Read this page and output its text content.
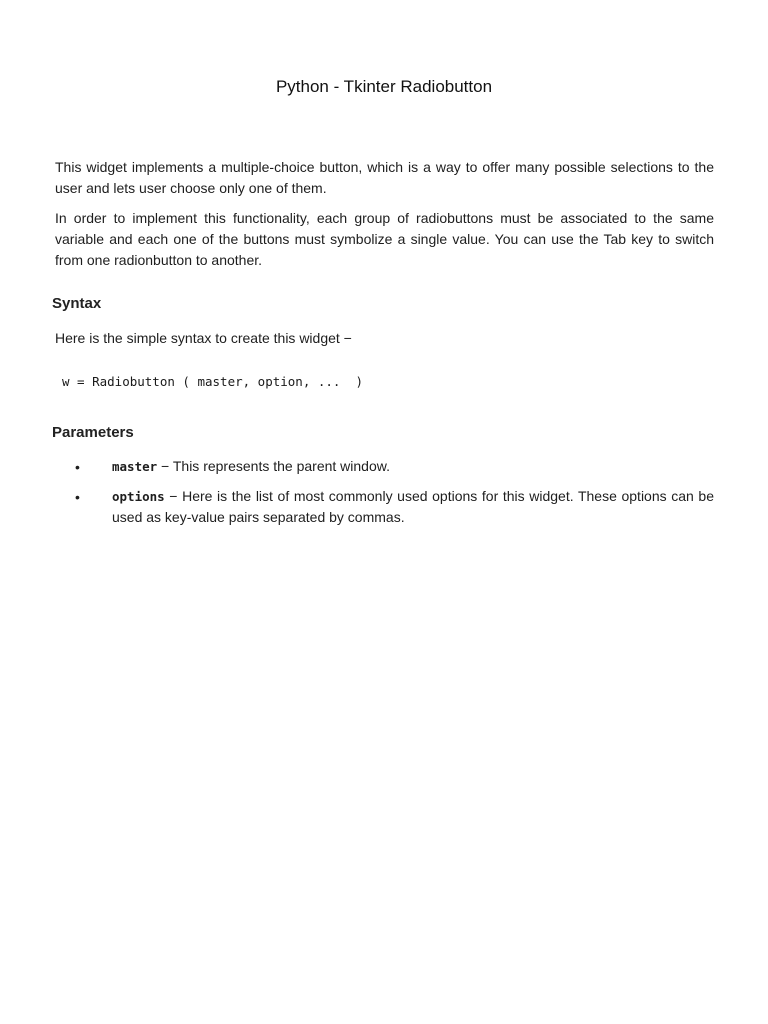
Python - Tkinter Radiobutton

This widget implements a multiple-choice button, which is a way to offer many possible selections to the user and lets user choose only one of them.

In order to implement this functionality, each group of radiobuttons must be associated to the same variable and each one of the buttons must symbolize a single value. You can use the Tab key to switch from one radionbutton to another.

Syntax
Here is the simple syntax to create this widget −
w = Radiobutton ( master, option, ...  )
Parameters
•	master − This represents the parent window.
•	options − Here is the list of most commonly used options for this widget. These options can be used as key-value pairs separated by commas.
